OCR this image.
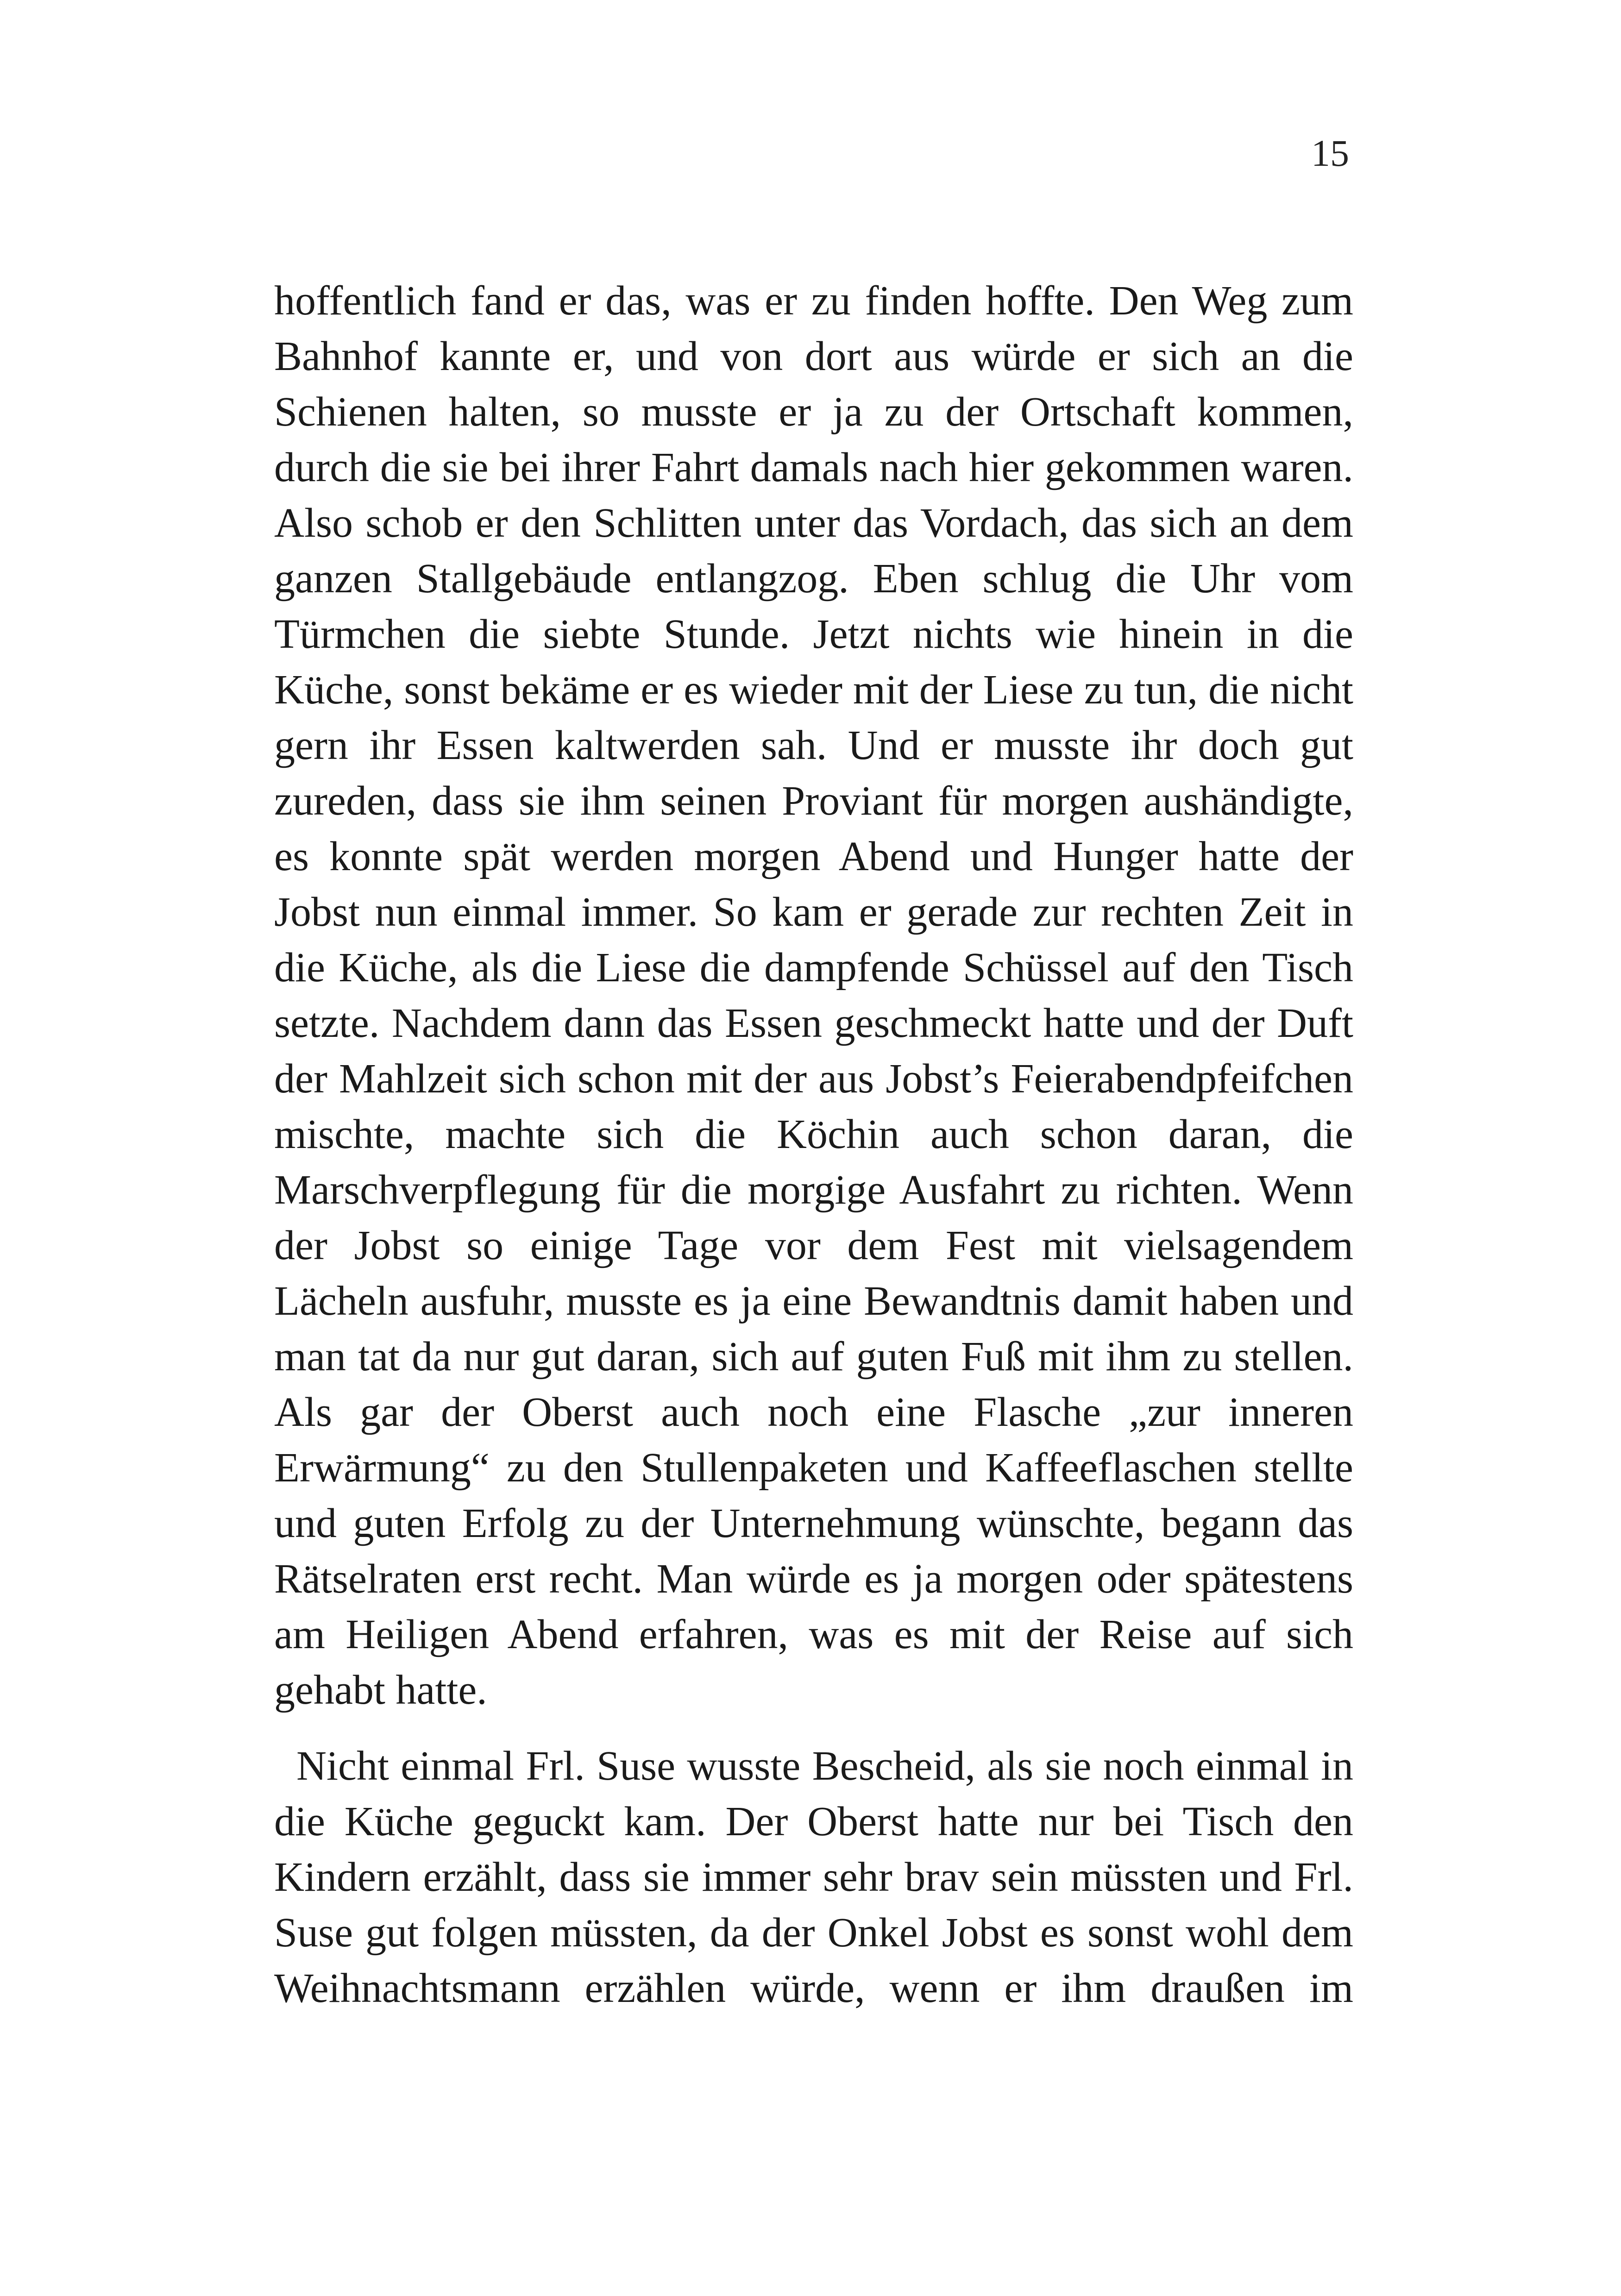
15
hoffentlich fand er das, was er zu finden hoffte. Den Weg zum
Bahnhof kannte er, und von dort aus würde er sich an die
Schienen halten, so musste er ja zu der Ortschaft kommen,
durch die sie bei ihrer Fahrt damals nach hier gekommen waren.
Also schob er den Schlitten unter das Vordach, das sich an dem
ganzen Stallgebäude entlangzog. Eben schlug die Uhr vom
Türmchen die siebte Stunde. Jetzt nichts wie hinein in die
Küche, sonst bekäme er es wieder mit der Liese zu tun, die nicht
gern ihr Essen kaltwerden sah. Und er musste ihr doch gut
zureden, dass sie ihm seinen Proviant für morgen aushändigte,
es konnte spät werden morgen Abend und Hunger hatte der
Jobst nun einmal immer. So kam er gerade zur rechten Zeit in
die Küche, als die Liese die dampfende Schüssel auf den Tisch
setzte. Nachdem dann das Essen geschmeckt hatte und der Duft
der Mahlzeit sich schon mit der aus Jobst’s Feierabendpfeifchen
mischte, machte sich die Köchin auch schon daran, die
Marschverpflegung für die morgige Ausfahrt zu richten. Wenn
der Jobst so einige Tage vor dem Fest mit vielsagendem
Lächeln ausfuhr, musste es ja eine Bewandtnis damit haben und
man tat da nur gut daran, sich auf guten Fuß mit ihm zu stellen.
Als gar der Oberst auch noch eine Flasche „zur inneren
Erwärmung“ zu den Stullenpaketen und Kaffeeflaschen stellte
und guten Erfolg zu der Unternehmung wünschte, begann das
Rätselraten erst recht. Man würde es ja morgen oder spätestens
am Heiligen Abend erfahren, was es mit der Reise auf sich
gehabt hatte.
Nicht einmal Frl. Suse wusste Bescheid, als sie noch einmal in
die Küche geguckt kam. Der Oberst hatte nur bei Tisch den
Kindern erzählt, dass sie immer sehr brav sein müssten und Frl.
Suse gut folgen müssten, da der Onkel Jobst es sonst wohl dem
Weihnachtsmann erzählen würde, wenn er ihm draußen im
